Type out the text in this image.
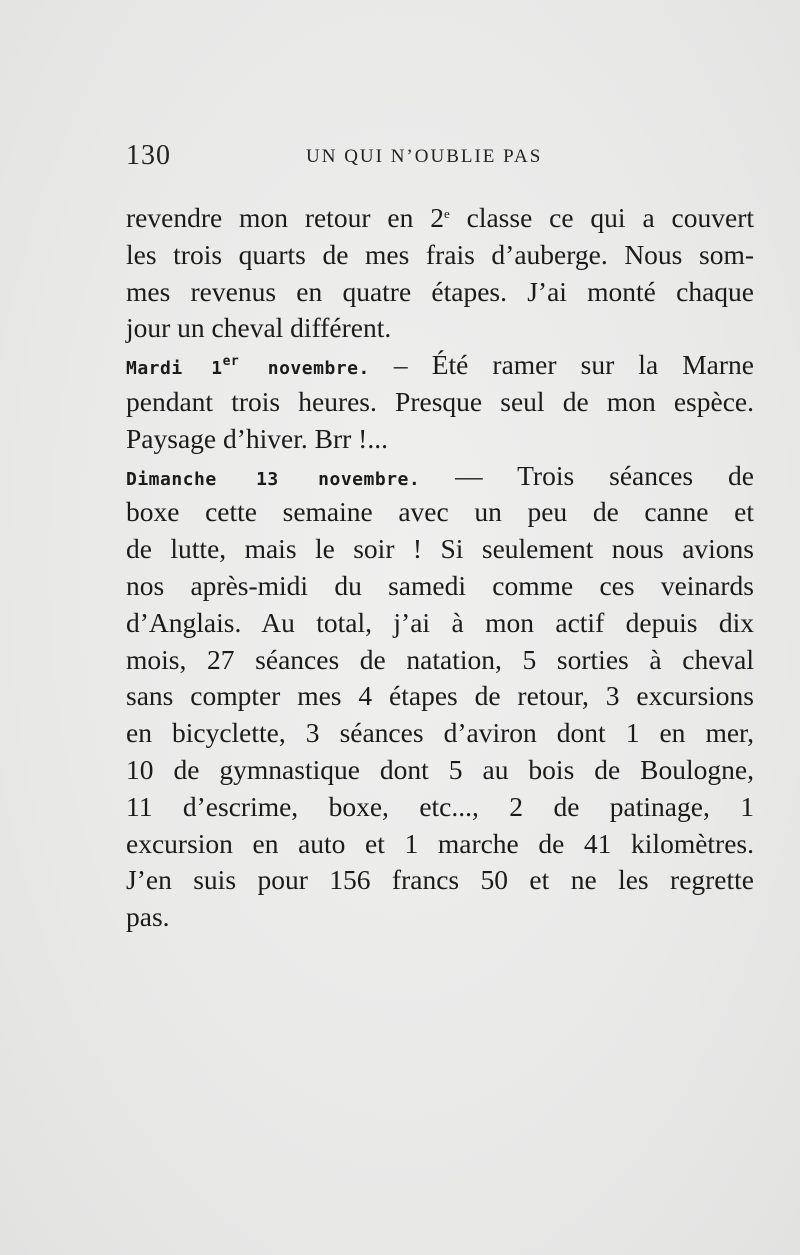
130	UN QUI N’OUBLIE PAS
revendre mon retour en 2e classe ce qui a couvert
les trois quarts de mes frais d’auberge. Nous som-
mes revenus en quatre étapes. J’ai monté chaque
jour un cheval différent.
Mardi 1er novembre. – Été ramer sur la Marne
pendant trois heures. Presque seul de mon espèce.
Paysage d’hiver. Brr !...
Dimanche 13 novembre. — Trois séances de
boxe cette semaine avec un peu de canne et
de lutte, mais le soir ! Si seulement nous avions
nos après-midi du samedi comme ces veinards
d’Anglais. Au total, j’ai à mon actif depuis dix
mois, 27 séances de natation, 5 sorties à cheval
sans compter mes 4 étapes de retour, 3 excursions
en bicyclette, 3 séances d’aviron dont 1 en mer,
10 de gymnastique dont 5 au bois de Boulogne,
11 d’escrime, boxe, etc..., 2 de patinage, 1
excursion en auto et 1 marche de 41 kilomètres.
J’en suis pour 156 francs 50 et ne les regrette
pas.
